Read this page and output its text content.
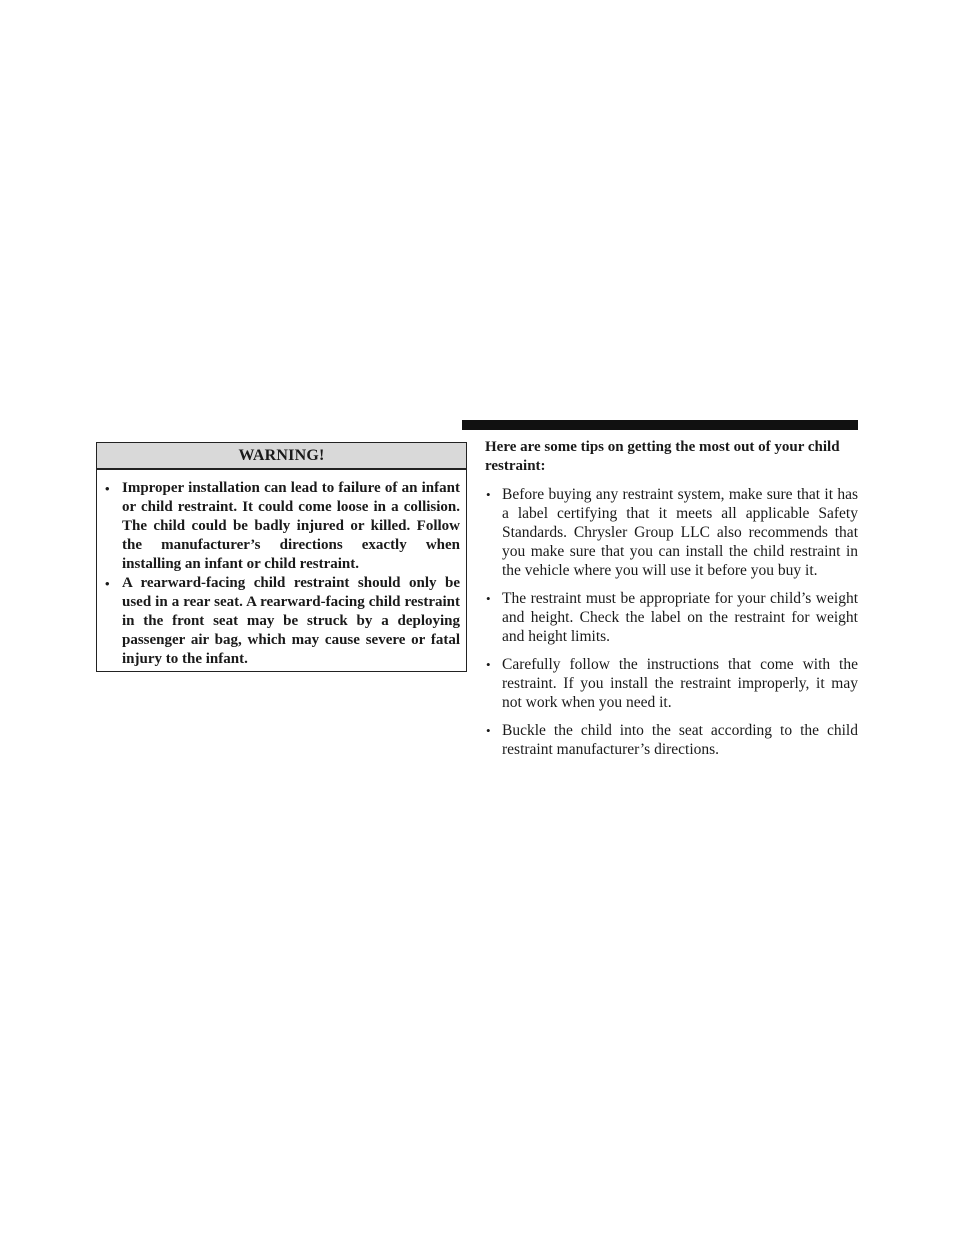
WARNING!
• Improper installation can lead to failure of an infant or child restraint. It could come loose in a collision. The child could be badly injured or killed. Follow the manufacturer’s directions exactly when installing an infant or child restraint.
• A rearward-facing child restraint should only be used in a rear seat. A rearward-facing child restraint in the front seat may be struck by a deploying passenger air bag, which may cause severe or fatal injury to the infant.

Here are some tips on getting the most out of your child restraint:

• Before buying any restraint system, make sure that it has a label certifying that it meets all applicable Safety Standards. Chrysler Group LLC also recommends that you make sure that you can install the child restraint in the vehicle where you will use it before you buy it.
• The restraint must be appropriate for your child’s weight and height. Check the label on the restraint for weight and height limits.
• Carefully follow the instructions that come with the restraint. If you install the restraint improperly, it may not work when you need it.
• Buckle the child into the seat according to the child restraint manufacturer’s directions.
